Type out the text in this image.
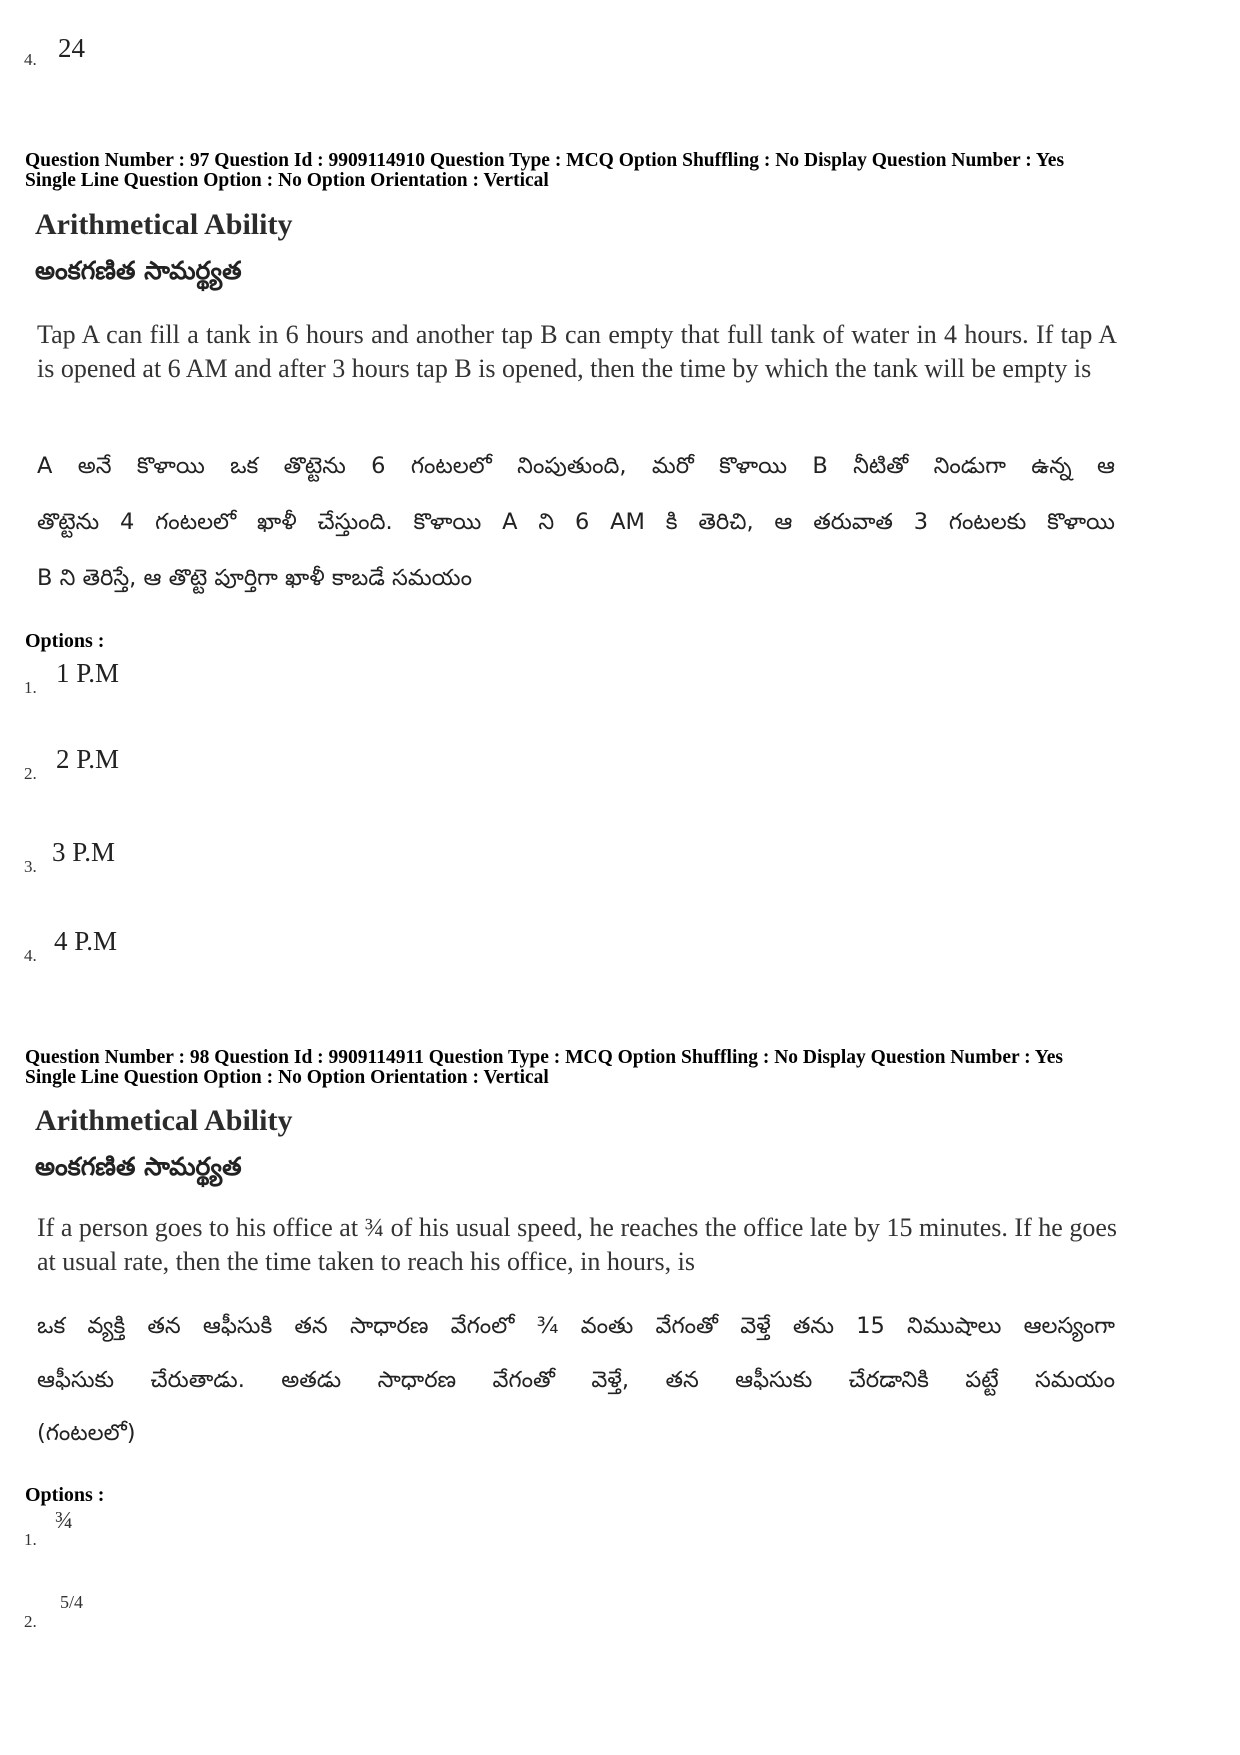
4. 24
Question Number : 97 Question Id : 9909114910 Question Type : MCQ Option Shuffling : No Display Question Number : Yes
Single Line Question Option : No Option Orientation : Vertical
Arithmetical Ability
అంకగణిత సామర్థ్యత
Tap A can fill a tank in 6 hours and another tap B can empty that full tank of water in 4 hours. If tap A is opened at 6 AM and after 3 hours tap B is opened, then the time by which the tank will be empty is
A అనే కొళాయి ఒక తొట్టెను 6 గంటలలో నింపుతుంది, మరో కొళాయి B నీటితో నిండుగా ఉన్న ఆ
తొట్టెను 4 గంటలలో ఖాళీ చేస్తుంది. కొళాయి A ని 6 AM కి తెరిచి, ఆ తరువాత 3 గంటలకు కొళాయి
B ని తెరిస్తే, ఆ తొట్టె పూర్తిగా ఖాళీ కాబడే సమయం
Options :
1. 1 P.M
2. 2 P.M
3. 3 P.M
4. 4 P.M
Question Number : 98 Question Id : 9909114911 Question Type : MCQ Option Shuffling : No Display Question Number : Yes
Single Line Question Option : No Option Orientation : Vertical
Arithmetical Ability
అంకగణిత సామర్థ్యత
If a person goes to his office at ¾ of his usual speed, he reaches the office late by 15 minutes. If he goes at usual rate, then the time taken to reach his office, in hours, is
ఒక వ్యక్తి తన ఆఫీసుకి తన సాధారణ వేగంలో ¾ వంతు వేగంతో వెళ్తే తను 15 నిముషాలు ఆలస్యంగా
ఆఫీసుకు చేరుతాడు. అతడు సాధారణ వేగంతో వెళ్తే, తన ఆఫీసుకు చేరడానికి పట్టే సమయం
(గంటలలో)
Options :
1.
¾
2.
5/4
